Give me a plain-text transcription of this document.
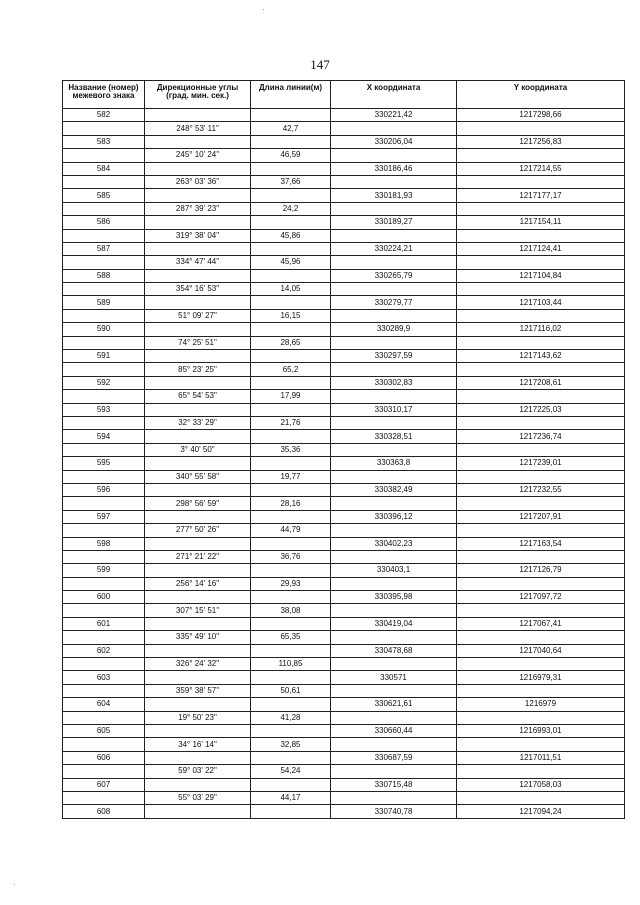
147
Название (номер) межевого знака	Дирекционные углы (град. мин. сек.)	Длина линии(м)	X координата	Y координата
582			330221,42	1217298,66
	248° 53' 11"	42,7		
583			330206,04	1217256,83
	245° 10' 24"	46,59		
584			330186,46	1217214,55
	263° 03' 36"	37,66		
585			330181,93	1217177,17
	287° 39' 23"	24,2		
586			330189,27	1217154,11
	319° 38' 04"	45,86		
587			330224,21	1217124,41
	334° 47' 44"	45,96		
588			330265,79	1217104,84
	354° 16' 53"	14,05		
589			330279,77	1217103,44
	51° 09' 27"	16,15		
590			330289,9	1217116,02
	74° 25' 51"	28,65		
591			330297,59	1217143,62
	85° 23' 25"	65,2		
592			330302,83	1217208,61
	65° 54' 53"	17,99		
593			330310,17	1217225,03
	32° 33' 29"	21,76		
594			330328,51	1217236,74
	3° 40' 50"	35,36		
595			330363,8	1217239,01
	340° 55' 58"	19,77		
596			330382,49	1217232,55
	298° 56' 59"	28,16		
597			330396,12	1217207,91
	277° 50' 26"	44,79		
598			330402,23	1217163,54
	271° 21' 22"	36,76		
599			330403,1	1217126,79
	256° 14' 16"	29,93		
600			330395,98	1217097,72
	307° 15' 51"	38,08		
601			330419,04	1217067,41
	335° 49' 10"	65,35		
602			330478,68	1217040,64
	326° 24' 32"	110,85		
603			330571	1216979,31
	359° 38' 57"	50,61		
604			330621,61	1216979
	19° 50' 23"	41,28		
605			330660,44	1216993,01
	34° 16' 14"	32,85		
606			330687,59	1217011,51
	59° 03' 22"	54,24		
607			330715,48	1217058,03
	55° 03' 29"	44,17		
608			330740,78	1217094,24
